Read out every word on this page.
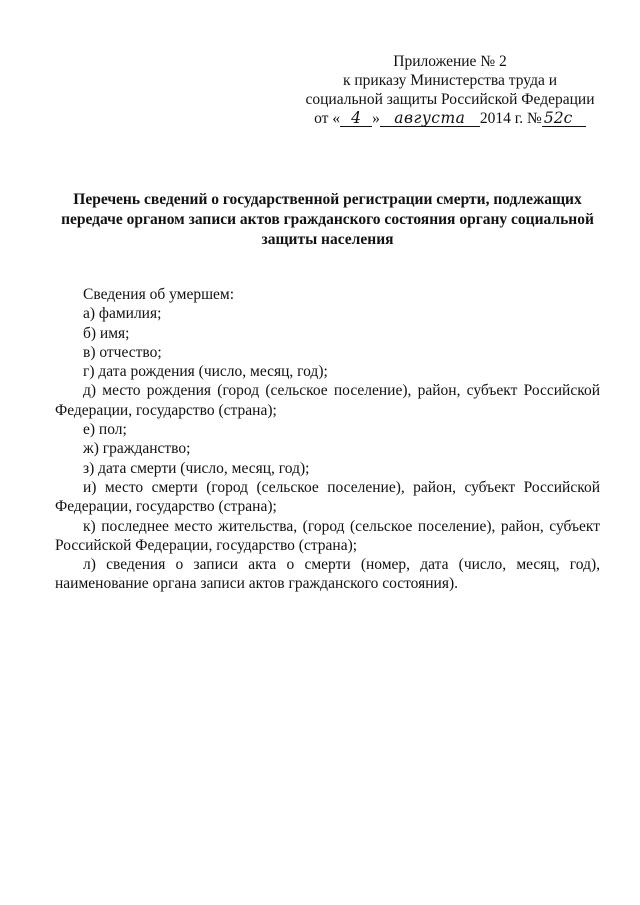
Приложение № 2
к приказу Министерства труда и
социальной защиты Российской Федерации
от « 4 » августа 2014 г. № 52с
Перечень сведений о государственной регистрации смерти, подлежащих передаче органом записи актов гражданского состояния органу социальной защиты населения

Сведения об умершем:

а) фамилия;

б) имя;

в) отчество;

г) дата рождения (число, месяц, год);

д) место рождения (город (сельское поселение), район, субъект Российской Федерации, государство (страна);

е) пол;

ж) гражданство;

з) дата смерти (число, месяц, год);

и) место смерти (город (сельское поселение), район, субъект Российской Федерации, государство (страна);

к) последнее место жительства, (город (сельское поселение), район, субъект Российской Федерации, государство (страна);

л) сведения о записи акта о смерти (номер, дата (число, месяц, год), наименование органа записи актов гражданского состояния).
